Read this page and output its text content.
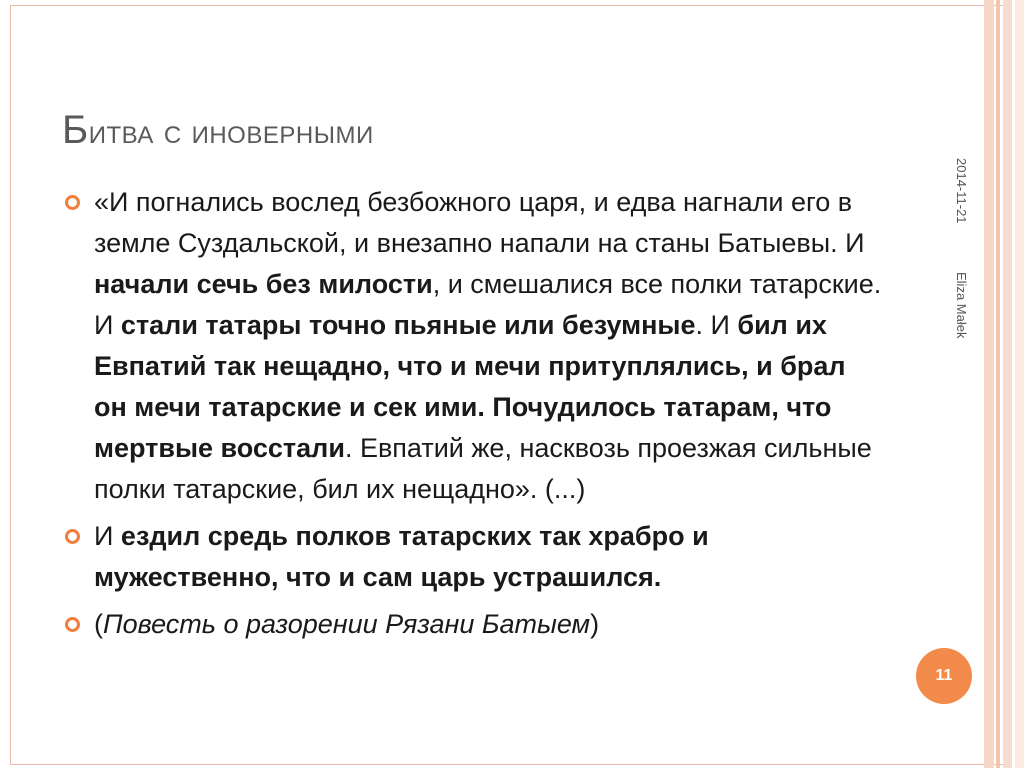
Битва с иноверными
«И погнались вослед безбожного царя, и едва нагнали его в земле Суздальской, и внезапно напали на станы Батыевы. И начали сечь без милости, и смешалися все полки татарские. И стали татары точно пьяные или безумные. И бил их Евпатий так нещадно, что и мечи притуплялись, и брал он мечи татарские и сек ими. Почудилось татарам, что мертвые восстали. Евпатий же, насквозь проезжая сильные полки татарские, бил их нещадно». (...)
И ездил средь полков татарских так храбро и мужественно, что и сам царь устрашился.
(Повесть о разорении Рязани Батыем)
2014-11-21
Eliza Małek
11
